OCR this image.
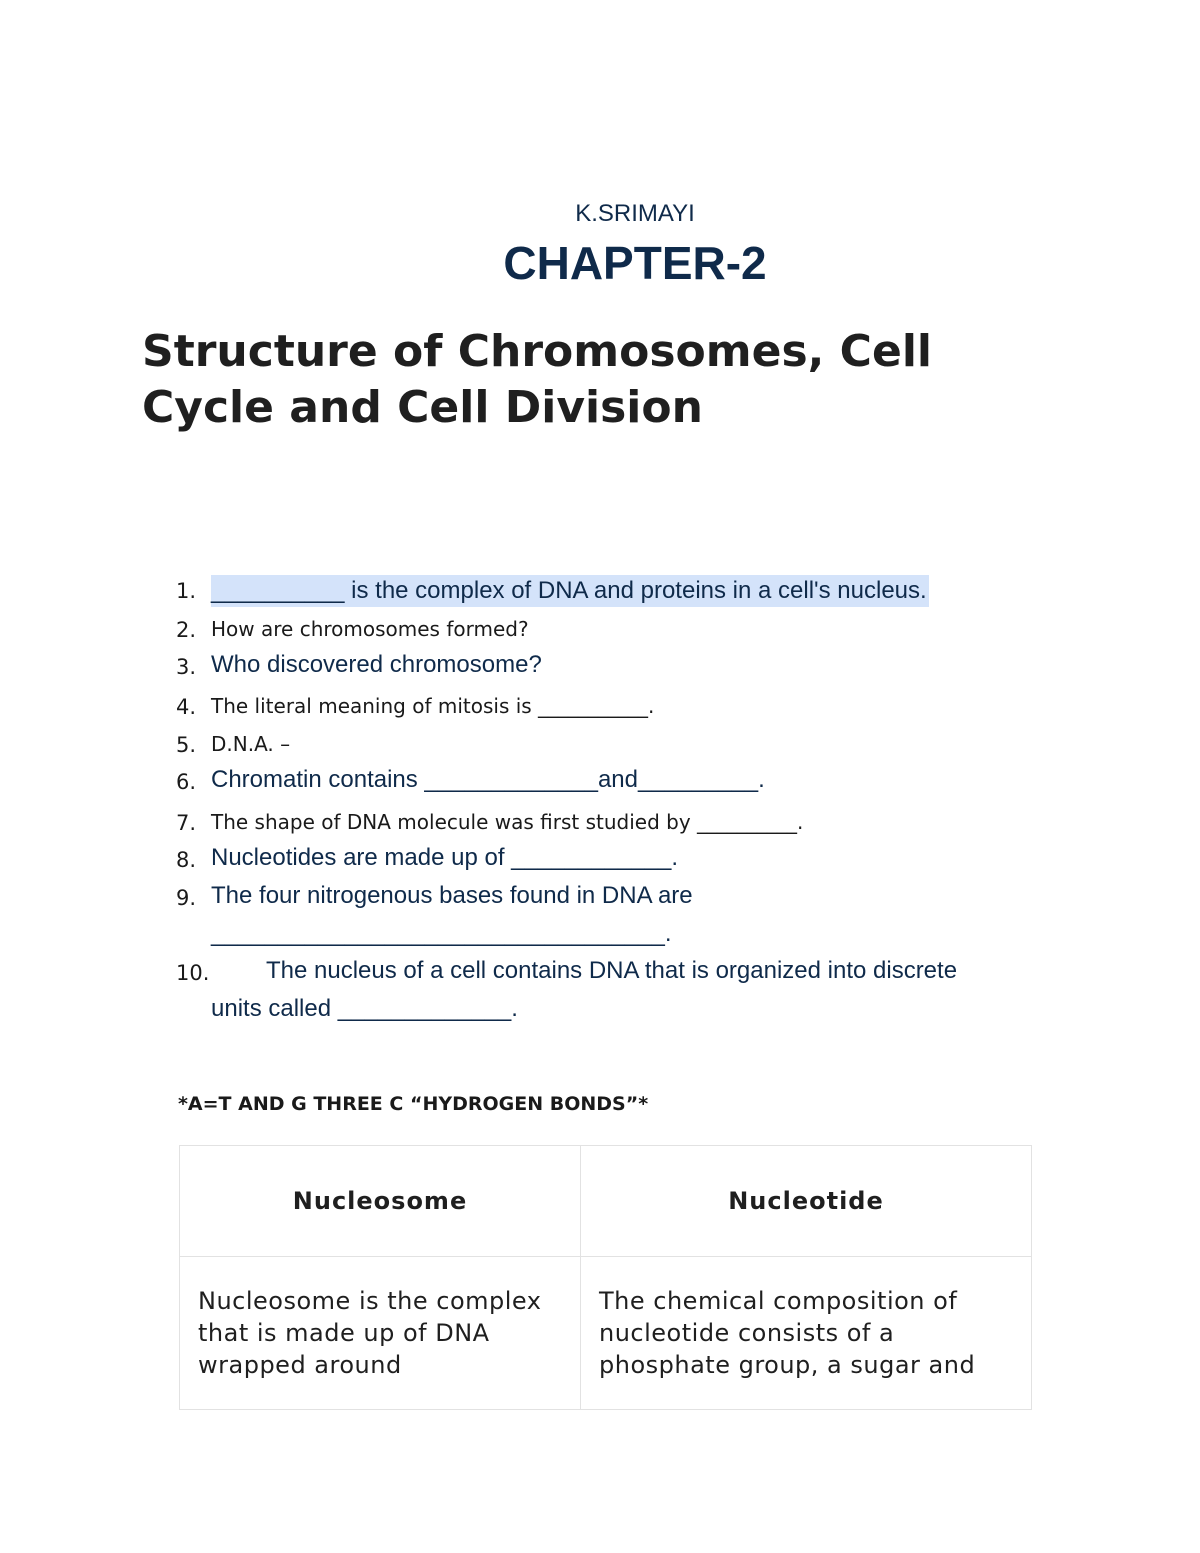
K.SRIMAYI
CHAPTER-2
Structure of Chromosomes, Cell Cycle and Cell Division
1. __________ is the complex of DNA and proteins in a cell's nucleus.
2. How are chromosomes formed?
3. Who discovered chromosome?
4. The literal meaning of mitosis is ___________.
5. D.N.A. –
6. Chromatin contains _____________and_________.
7. The shape of DNA molecule was first studied by __________.
8. Nucleotides are made up of ____________.
9. The four nitrogenous bases found in DNA are
__________________________________.
10. The nucleus of a cell contains DNA that is organized into discrete
units called _____________.
*A=T AND G THREE C “HYDROGEN BONDS”*
Nucleosome	Nucleotide
Nucleosome is the complex that is made up of DNA wrapped around	The chemical composition of nucleotide consists of a phosphate group, a sugar and
